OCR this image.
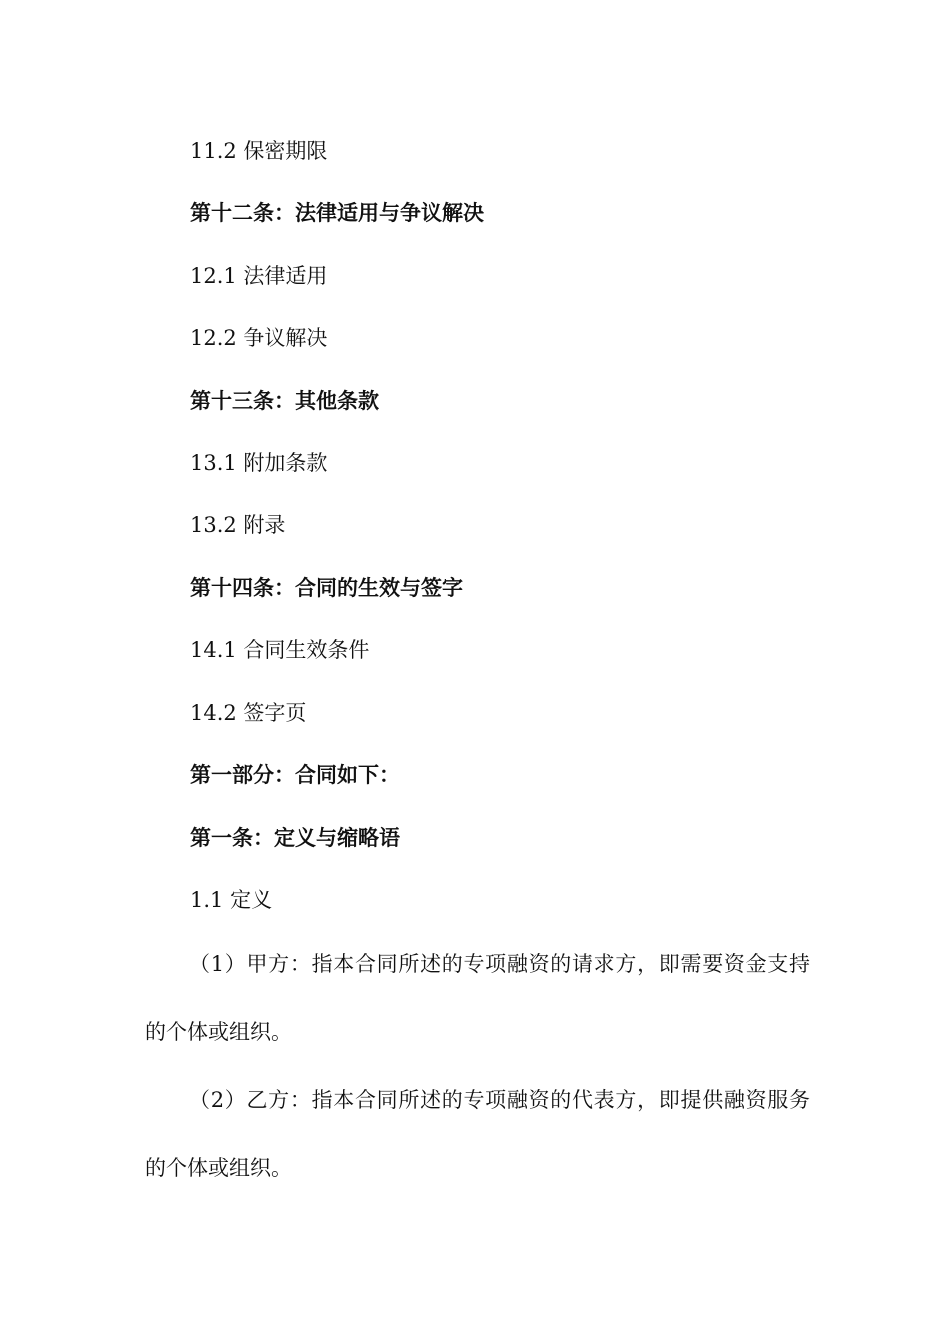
11.2 保密期限
第十二条：法律适用与争议解决
12.1 法律适用
12.2 争议解决
第十三条：其他条款
13.1 附加条款
13.2 附录
第十四条：合同的生效与签字
14.1 合同生效条件
14.2 签字页
第一部分：合同如下：
第一条：定义与缩略语
1.1 定义
（1）甲方：指本合同所述的专项融资的请求方，即需要资金支持的个体或组织。
（2）乙方：指本合同所述的专项融资的代表方，即提供融资服务的个体或组织。
